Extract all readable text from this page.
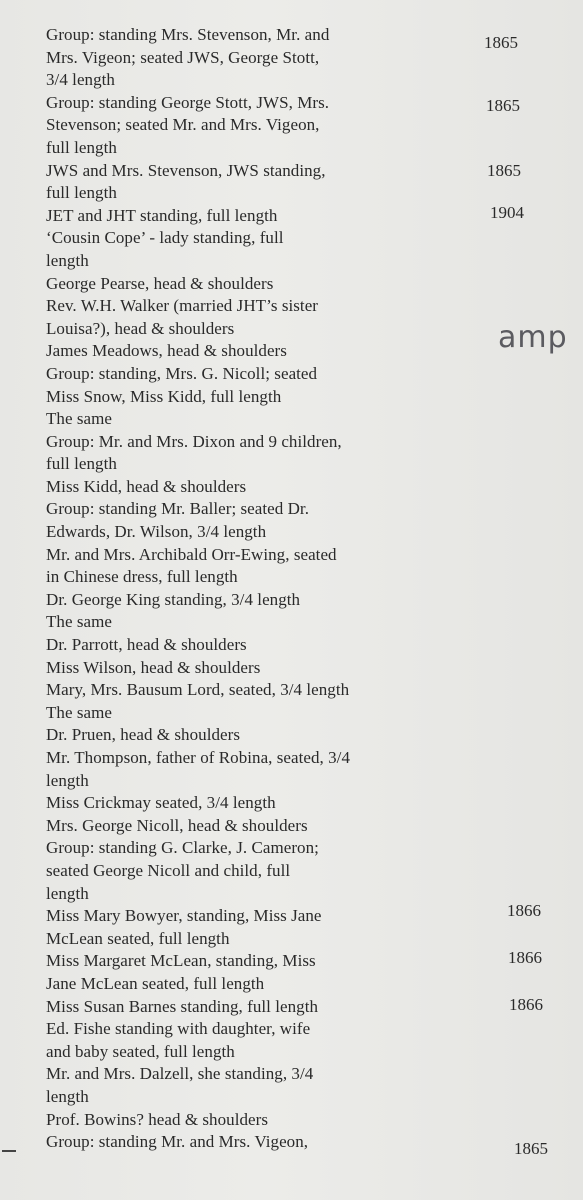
Group: standing Mrs. Stevenson, Mr. and
Mrs. Vigeon; seated JWS, George Stott,
3/4 length
Group: standing George Stott, JWS, Mrs.
Stevenson; seated Mr. and Mrs. Vigeon,
full length
JWS and Mrs. Stevenson, JWS standing,
full length
JET and JHT standing, full length
‘Cousin Cope’ - lady standing, full
length
George Pearse, head & shoulders
Rev. W.H. Walker (married JHT’s sister
Louisa?), head & shoulders
James Meadows, head & shoulders
Group: standing, Mrs. G. Nicoll; seated
Miss Snow, Miss Kidd, full length
The same
Group: Mr. and Mrs. Dixon and 9 children,
full length
Miss Kidd, head & shoulders
Group: standing Mr. Baller; seated Dr.
Edwards, Dr. Wilson, 3/4 length
Mr. and Mrs. Archibald Orr-Ewing, seated
in Chinese dress, full length
Dr. George King standing, 3/4 length
The same
Dr. Parrott, head & shoulders
Miss Wilson, head & shoulders
Mary, Mrs. Bausum Lord, seated, 3/4 length
The same
Dr. Pruen, head & shoulders
Mr. Thompson, father of Robina, seated, 3/4
length
Miss Crickmay seated, 3/4 length
Mrs. George Nicoll, head & shoulders
Group: standing G. Clarke, J. Cameron;
seated George Nicoll and child, full
length
Miss Mary Bowyer, standing, Miss Jane
McLean seated, full length
Miss Margaret McLean, standing, Miss
Jane McLean seated, full length
Miss Susan Barnes standing, full length
Ed. Fishe standing with daughter, wife
and baby seated, full length
Mr. and Mrs. Dalzell, she standing, 3/4
length
Prof. Bowins? head & shoulders
Group: standing Mr. and Mrs. Vigeon,
1865
1865
1865
1904
1866
1866
1866
1865
amp
